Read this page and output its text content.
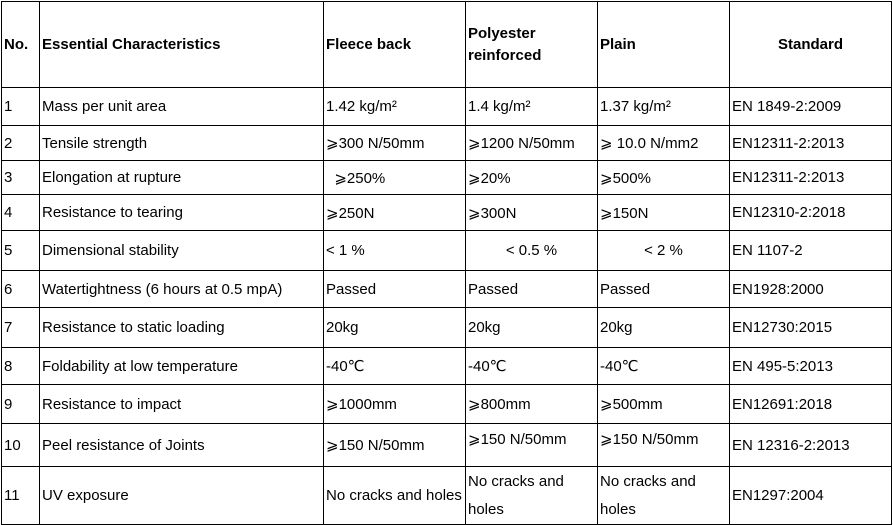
No.	Essential Characteristics	Fleece back	Polyester reinforced	Plain	Standard
1	Mass per unit area	1.42 kg/m²	1.4 kg/m²	1.37 kg/m²	EN 1849-2:2009
2	Tensile strength	⩾300 N/50mm	⩾1200 N/50mm	⩾ 10.0 N/mm2	EN12311-2:2013
3	Elongation at rupture	⩾250%	⩾20%	⩾500%	EN12311-2:2013
4	Resistance to tearing	⩾250N	⩾300N	⩾150N	EN12310-2:2018
5	Dimensional stability	< 1 %	< 0.5 %	< 2 %	EN 1107-2
6	Watertightness (6 hours at 0.5 mpA)	Passed	Passed	Passed	EN1928:2000
7	Resistance to static loading	20kg	20kg	20kg	EN12730:2015
8	Foldability at low temperature	-40℃	-40℃	-40℃	EN 495-5:2013
9	Resistance to impact	⩾1000mm	⩾800mm	⩾500mm	EN12691:2018
10	Peel resistance of Joints	⩾150 N/50mm	⩾150 N/50mm	⩾150 N/50mm	EN 12316-2:2013
11	UV exposure	No cracks and holes	No cracks and holes	No cracks and holes	EN1297:2004
